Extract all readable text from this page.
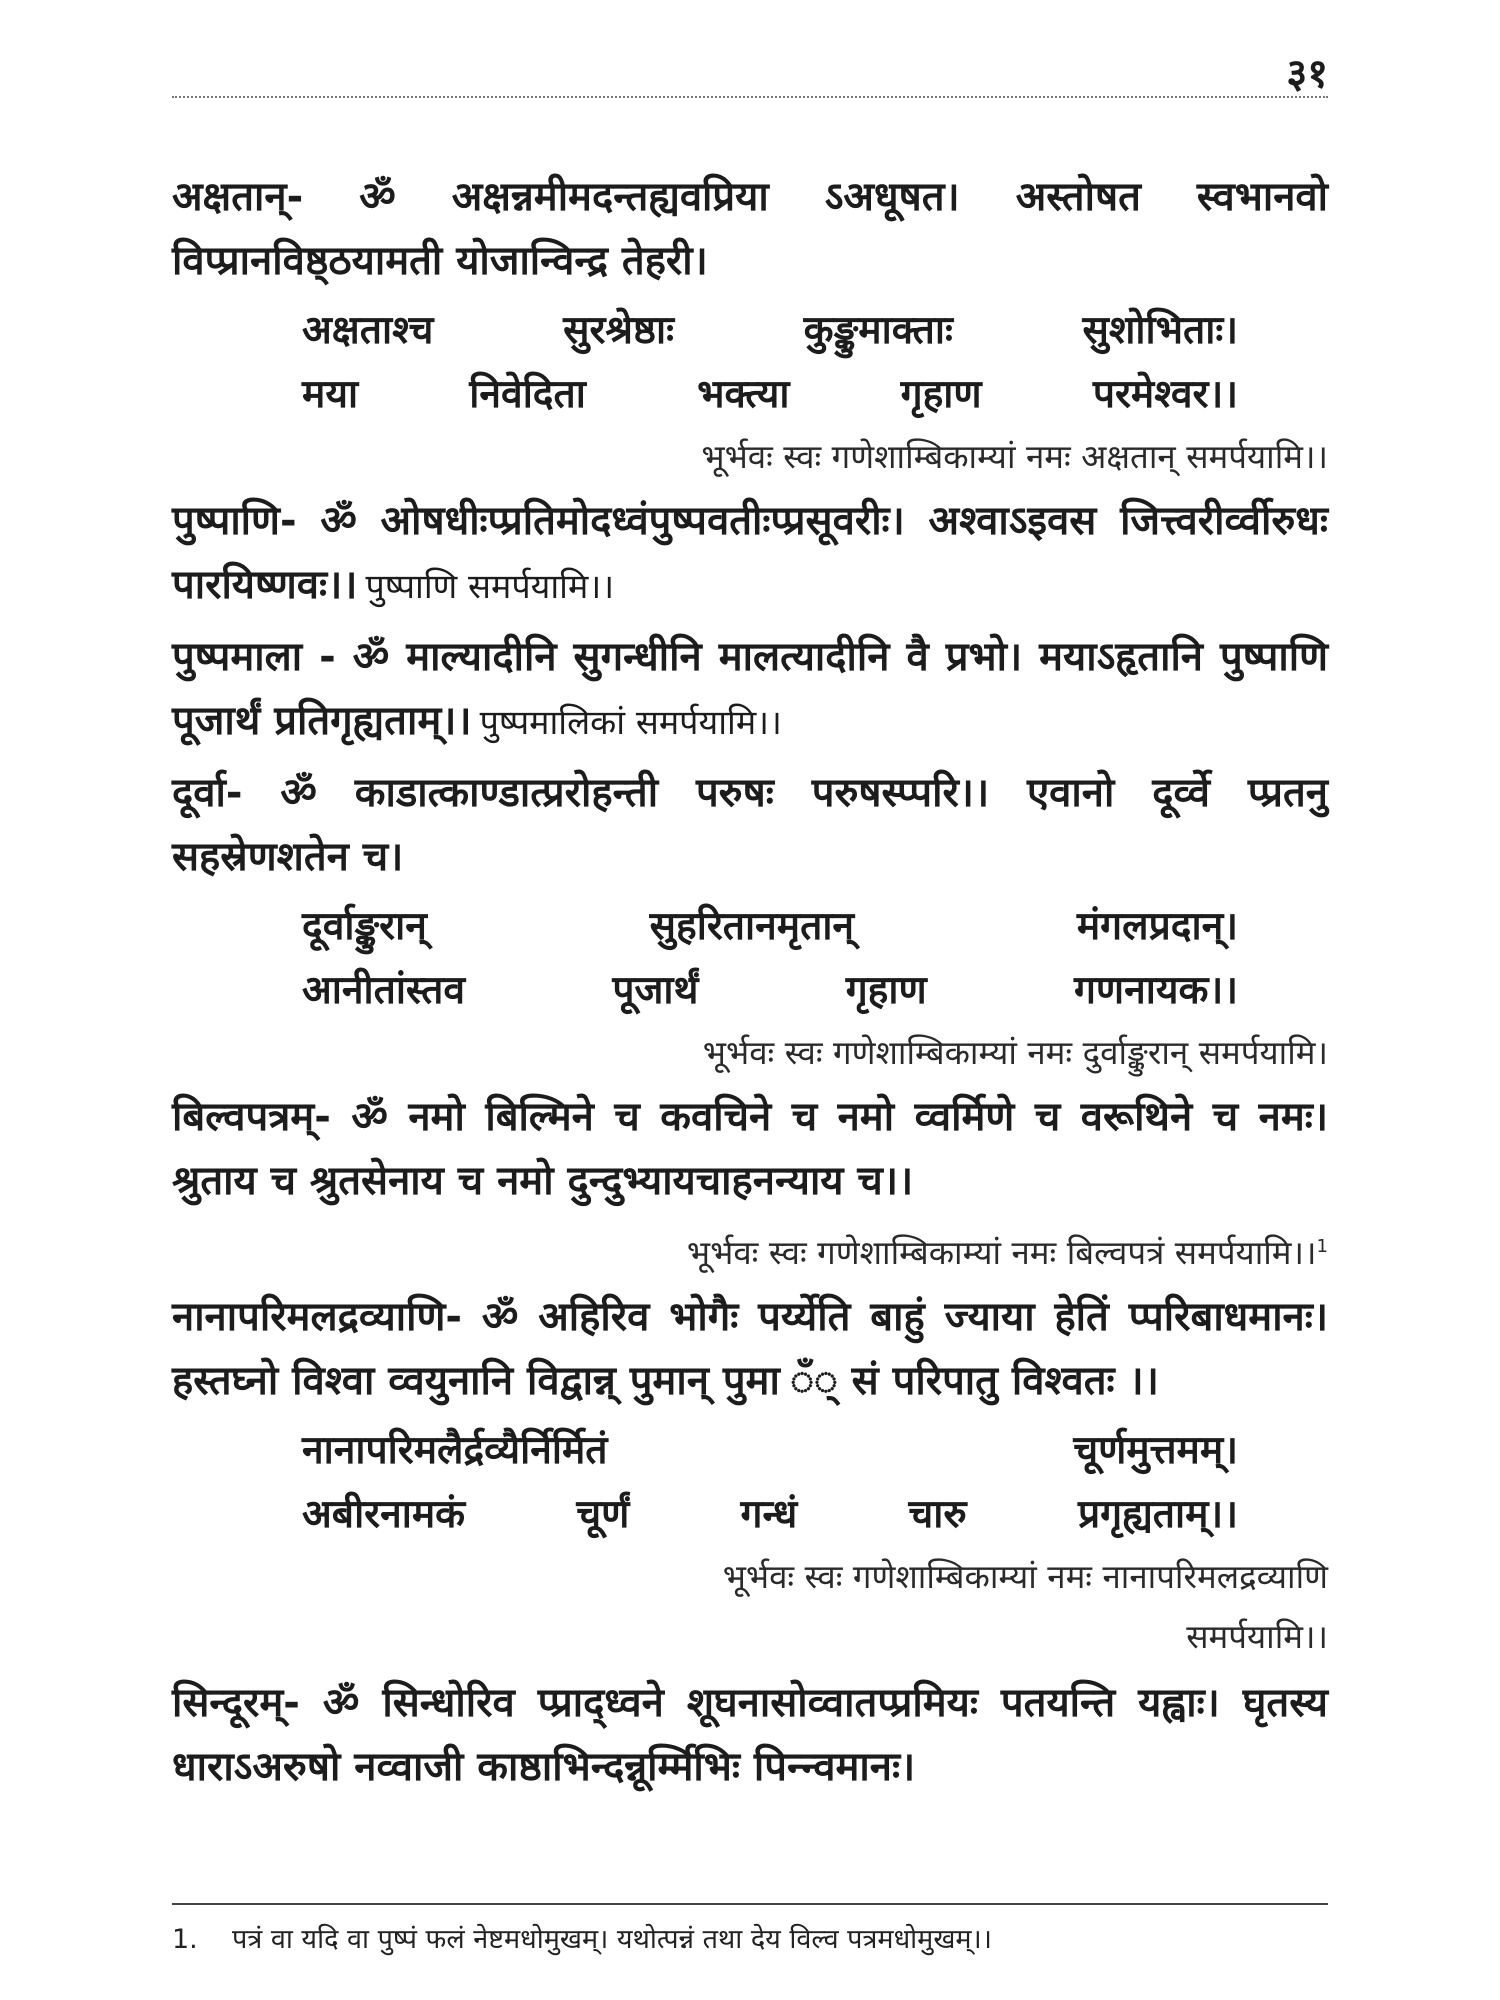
३१

अक्षतान्- ॐ अक्षन्नमीमदन्तह्यवप्रिया ऽअधूषत। अस्तोषत स्वभानवो विप्प्रानविष्ठ्ठयामती योजान्विन्द्र तेहरी।

अक्षताश्च	सुरश्रेष्ठाः	कुङ्कुमाक्ताः	सुशोभिताः।
मया	निवेदिता	भक्त्या	गृहाण	परमेश्वर।।
भूर्भवः स्वः गणेशाम्बिकाम्यां नमः अक्षतान् समर्पयामि।।

पुष्पाणि- ॐ ओषधीःप्प्रतिमोदध्वंपुष्पवतीःप्प्रसूवरीः। अश्वाऽइवस जित्त्वरीर्व्वीरुधः पारयिष्णवः।। पुष्पाणि समर्पयामि।।

पुष्पमाला - ॐ माल्यादीनि सुगन्धीनि मालत्यादीनि वै प्रभो। मयाऽहृतानि पुष्पाणि पूजार्थं प्रतिगृह्यताम्।। पुष्पमालिकां समर्पयामि।।

दूर्वा- ॐ काडात्काण्डात्प्ररोहन्ती परुषः परुषस्प्परि।। एवानो दूर्व्वे प्प्रतनु सहस्रेणशतेन च।

दूर्वाङ्कुरान्	सुहरितानमृतान्	मंगलप्रदान्।
आनीतांस्तव	पूजार्थं	गृहाण	गणनायक।।
भूर्भवः स्वः गणेशाम्बिकाम्यां नमः दुर्वाङ्कुरान् समर्पयामि।

बिल्वपत्रम्- ॐ नमो बिल्मिने च कवचिने च नमो व्वर्मिणे च वरूथिने च नमः। श्रुताय च श्रुतसेनाय च नमो दुन्दुभ्यायचाहनन्याय च।।

भूर्भवः स्वः गणेशाम्बिकाम्यां नमः बिल्वपत्रं समर्पयामि।।$^1$

नानापरिमलद्रव्याणि- ॐ अहिरिव भोगैः पर्य्येति बाहुं ज्याया हेतिं प्परिबाधमानः। हस्तघ्नो विश्वा व्वयुनानि विद्वान्न् पुमान् पुमा ँ् सं परिपातु विश्वतः ।।

नानापरिमलैर्द्रव्यैर्निर्मितं	चूर्णमुत्तमम्।
अबीरनामकं	चूर्णं	गन्धं	चारु	प्रगृह्यताम्।।
भूर्भवः स्वः गणेशाम्बिकाम्यां नमः नानापरिमलद्रव्याणि
समर्पयामि।।

सिन्दूरम्- ॐ सिन्धोरिव प्प्राद्ध्वने शूघनासोव्वातप्प्रमियः पतयन्ति यह्वाः। घृतस्य धाराऽअरुषो नव्वाजी काष्ठाभिन्दन्नूर्म्मिभिः पिन्न्वमानः।

1. पत्रं वा यदि वा पुष्पं फलं नेष्टमधोमुखम्। यथोत्पन्नं तथा देय विल्व पत्रमधोमुखम्।।
